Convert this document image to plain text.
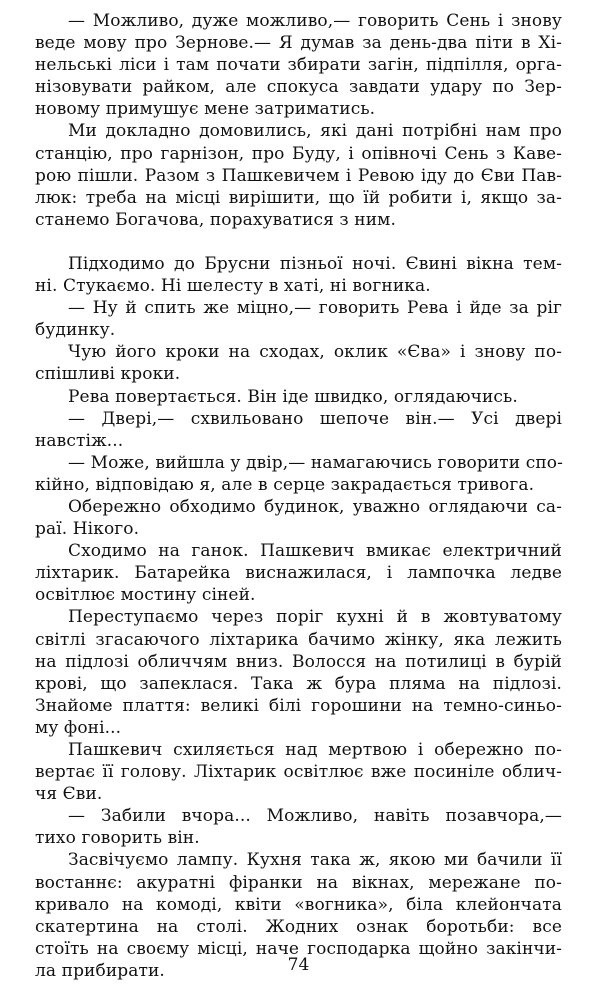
— Можливо, дуже можливо,— говорить Сень і знову
веде мову про Зернове.— Я думав за день-два піти в Хі-
нельські ліси і там почати збирати загін, підпілля, орга-
нізовувати райком, але спокуса завдати удару по Зер-
новому примушує мене затриматись.
Ми докладно домовились, які дані потрібні нам про
станцію, про гарнізон, про Буду, і опівночі Сень з Каве-
рою пішли. Разом з Пашкевичем і Ревою іду до Єви Пав-
люк: треба на місці вирішити, що їй робити і, якщо за-
станемо Богачова, порахуватися з ним.
Підходимо до Брусни пізньої ночі. Євині вікна тем-
ні. Стукаємо. Ні шелесту в хаті, ні вогника.
— Ну й спить же міцно,— говорить Рева і йде за ріг
будинку.
Чую його кроки на сходах, оклик «Єва» і знову по-
спішливі кроки.
Рева повертається. Він іде швидко, оглядаючись.
— Двері,— схвильовано шепоче він.— Усі двері
навстіж...
— Може, вийшла у двір,— намагаючись говорити спо-
кійно, відповідаю я, але в серце закрадається тривога.
Обережно обходимо будинок, уважно оглядаючи са-
раї. Нікого.
Сходимо на ганок. Пашкевич вмикає електричний
ліхтарик. Батарейка виснажилася, і лампочка ледве
освітлює мостину сіней.
Переступаємо через поріг кухні й в жовтуватому
світлі згасаючого ліхтарика бачимо жінку, яка лежить
на підлозі обличчям вниз. Волосся на потилиці в бурій
крові, що запеклася. Така ж бура пляма на підлозі.
Знайоме плаття: великі білі горошини на темно-синьо-
му фоні...
Пашкевич схиляється над мертвою і обережно по-
вертає її голову. Ліхтарик освітлює вже посиніле облич-
чя Єви.
— Забили вчора... Можливо, навіть позавчора,—
тихо говорить він.
Засвічуємо лампу. Кухня така ж, якою ми бачили її
востаннє: акуратні фіранки на вікнах, мережане по-
кривало на комоді, квіти «вогника», біла клейончата
скатертина на столі. Жодних ознак боротьби: все
стоїть на своєму місці, наче господарка щойно закінчи-
ла прибирати.	74
